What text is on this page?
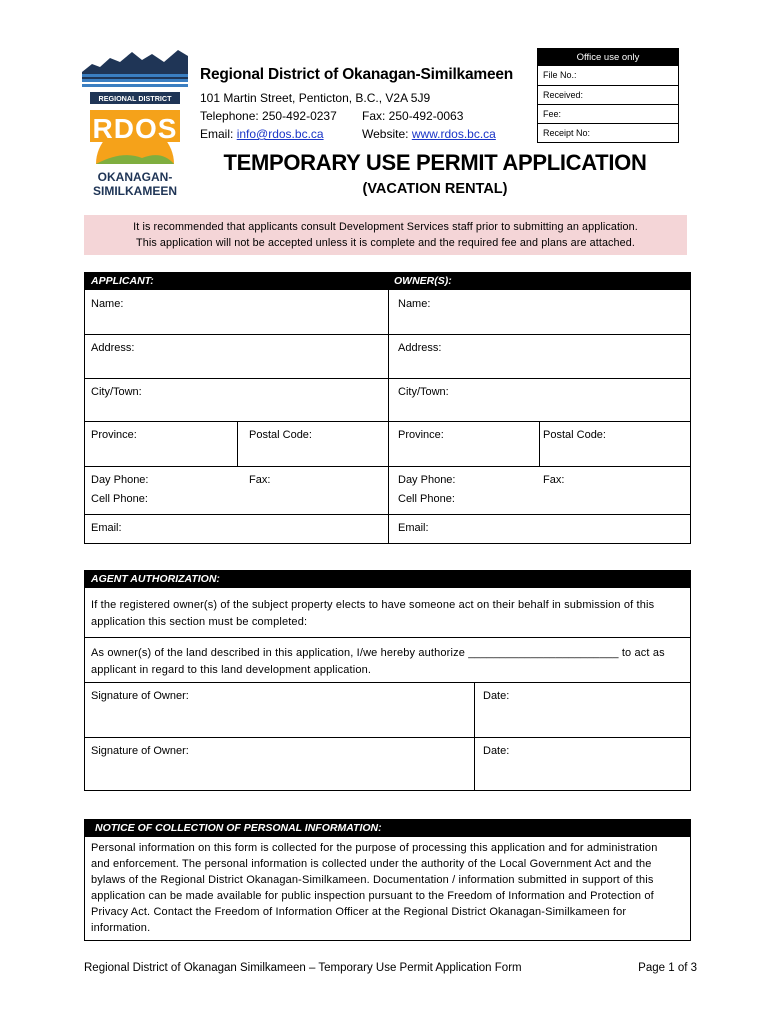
REGIONAL DISTRICT
RDOS
OKANAGAN-
SIMILKAMEEN
Regional District of Okanagan-Similkameen
101 Martin Street, Penticton, B.C., V2A 5J9
Telephone: 250-492-0237 Fax: 250-492-0063
Email: info@rdos.bc.ca	Website: www.rdos.bc.ca
Office use only
File No.:
Received:
Fee:
Receipt No:
TEMPORARY USE PERMIT APPLICATION
(VACATION RENTAL)
It is recommended that applicants consult Development Services staff prior to submitting an application.
This application will not be accepted unless it is complete and the required fee and plans are attached.
APPLICANT:	OWNER(S):
Name:
Address:
City/Town:
Province:	Postal Code:
Day Phone:	Fax:
Cell Phone:
Email:
Name:
Address:
City/Town:
Province:	Postal Code:
Day Phone:	Fax:
Cell Phone:
Email:
AGENT AUTHORIZATION:
If the registered owner(s) of the subject property elects to have someone act on their behalf in submission of this
application this section must be completed:
As owner(s) of the land described in this application, I/we hereby authorize ________________________ to act as
applicant in regard to this land development application.
Signature of Owner:	Date:
Signature of Owner:	Date:
NOTICE OF COLLECTION OF PERSONAL INFORMATION:
Personal information on this form is collected for the purpose of processing this application and for administration
and enforcement. The personal information is collected under the authority of the Local Government Act and the
bylaws of the Regional District Okanagan-Similkameen. Documentation / information submitted in support of this
application can be made available for public inspection pursuant to the Freedom of Information and Protection of
Privacy Act. Contact the Freedom of Information Officer at the Regional District Okanagan-Similkameen for
information.
Regional District of Okanagan Similkameen – Temporary Use Permit Application Form	Page 1 of 3
